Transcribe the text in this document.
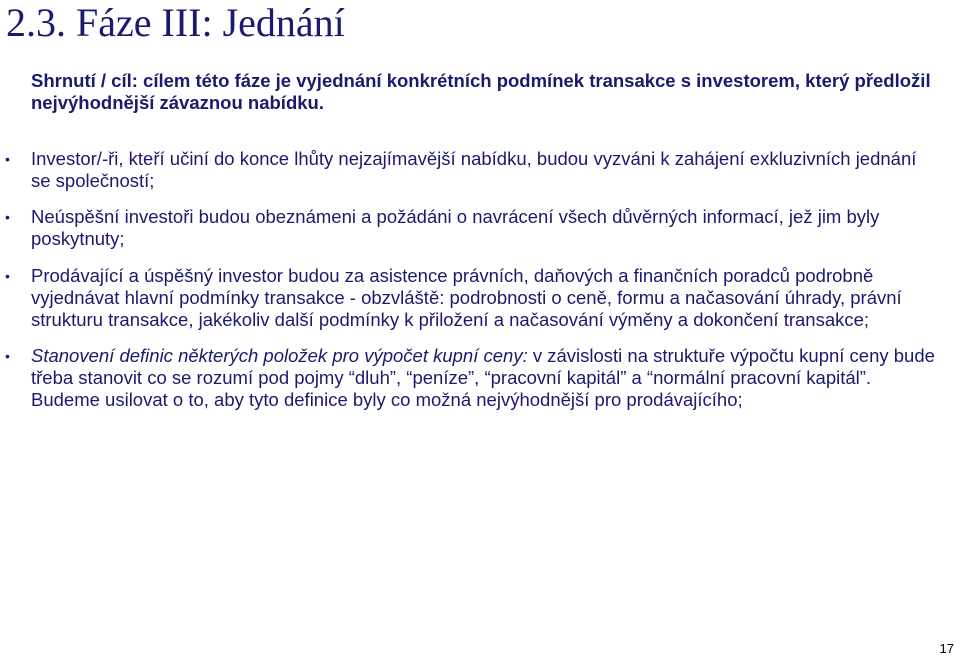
2.3. Fáze III: Jednání
Shrnutí / cíl: cílem této fáze je vyjednání konkrétních podmínek transakce s investorem, který předložil nejvýhodnější závaznou nabídku.
• Investor/-ři, kteří učiní do konce lhůty nejzajímavější nabídku, budou vyzváni k zahájení exkluzivních jednání se společností;
• Neúspěšní investoři budou obeznámeni a požádáni o navrácení všech důvěrných informací, jež jim byly poskytnuty;
• Prodávající a úspěšný investor budou za asistence právních, daňových a finančních poradců podrobně vyjednávat hlavní podmínky transakce - obzvláště: podrobnosti o ceně, formu a načasování úhrady, právní strukturu transakce, jakékoliv další podmínky k přiložení a načasování výměny a dokončení transakce;
• Stanovení definic některých položek pro výpočet kupní ceny: v závislosti na struktuře výpočtu kupní ceny bude třeba stanovit co se rozumí pod pojmy “dluh”, “peníze”, “pracovní kapitál” a “normální pracovní kapitál”. Budeme usilovat o to, aby tyto definice byly co možná nejvýhodnější pro prodávajícího;
17
